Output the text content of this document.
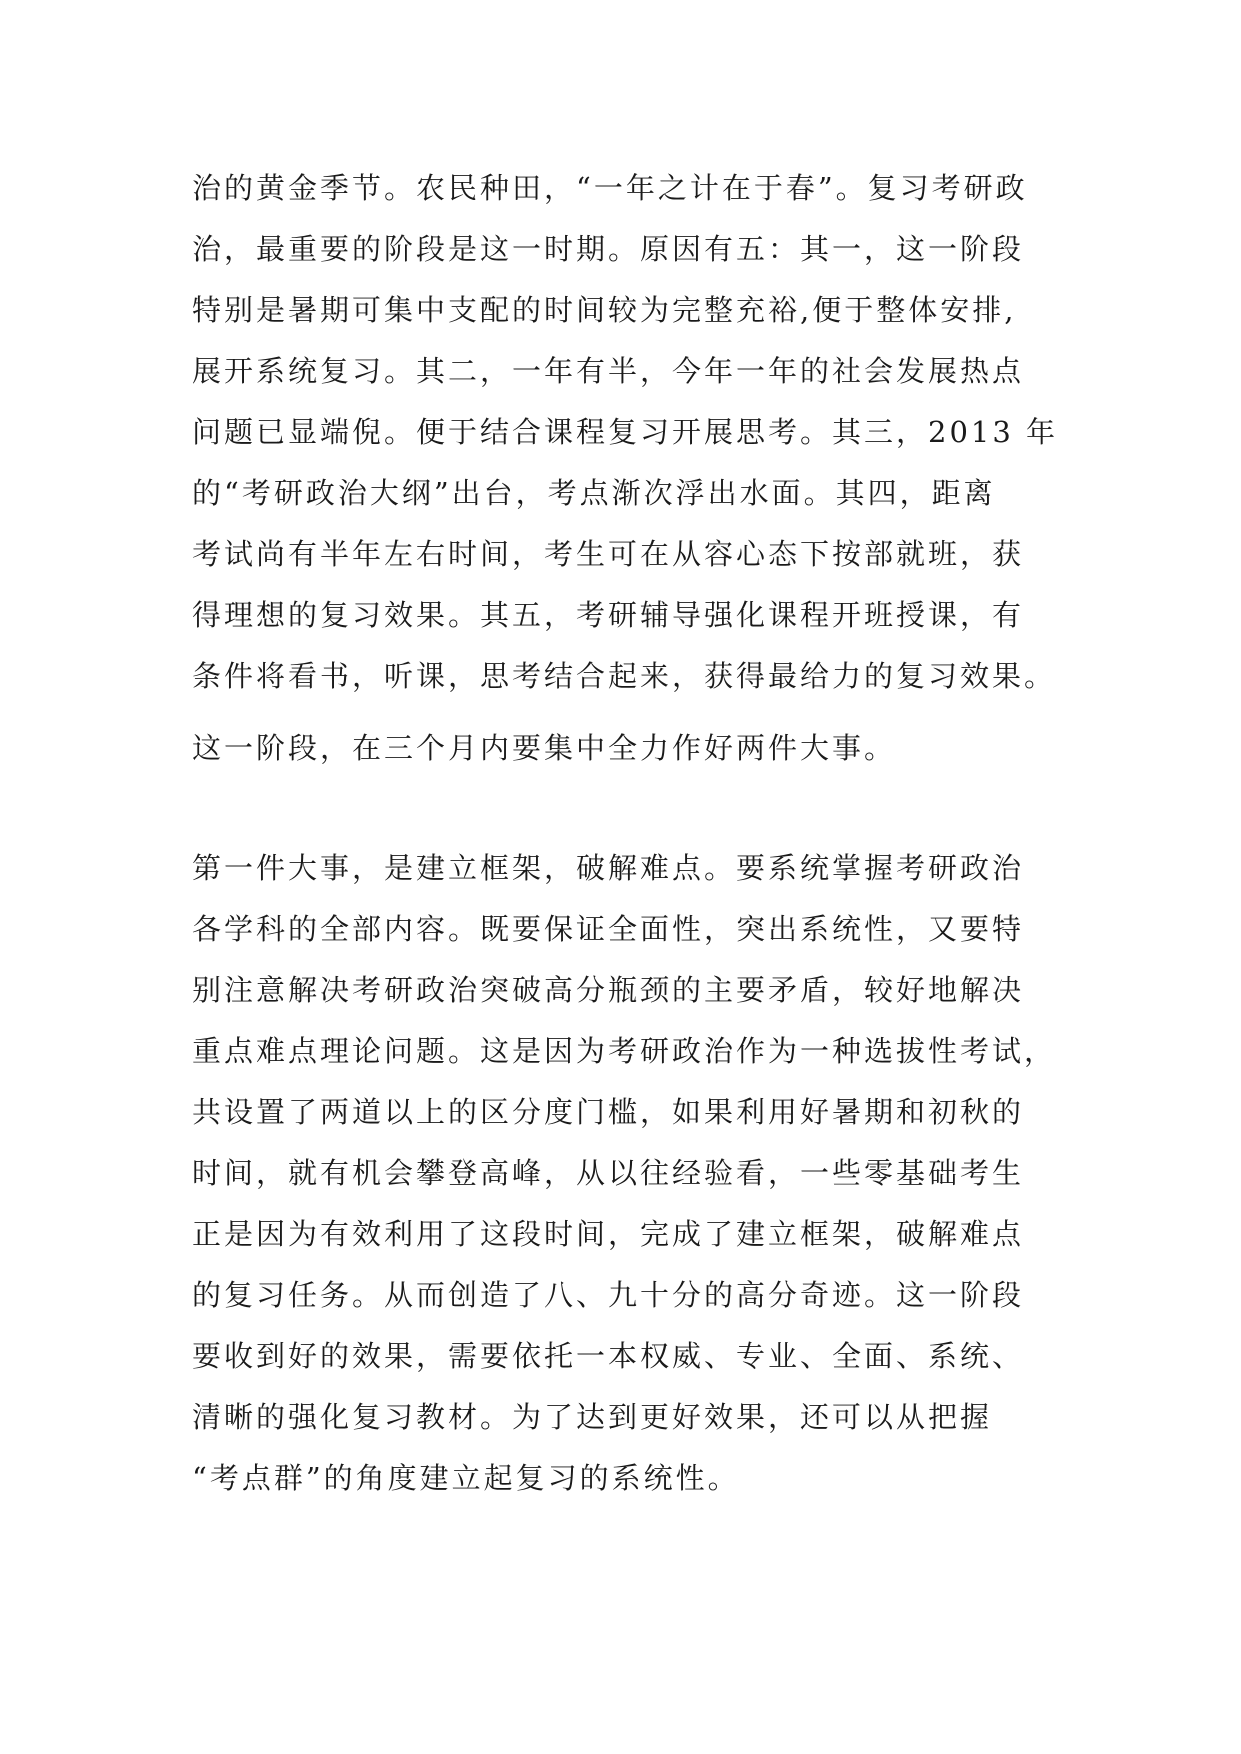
治的黄金季节。农民种田，“一年之计在于春”。复习考研政
治，最重要的阶段是这一时期。原因有五：其一，这一阶段
特别是暑期可集中支配的时间较为完整充裕,便于整体安排,
展开系统复习。其二，一年有半，今年一年的社会发展热点
问题已显端倪。便于结合课程复习开展思考。其三，2013 年
的“考研政治大纲”出台，考点渐次浮出水面。其四，距离
考试尚有半年左右时间，考生可在从容心态下按部就班，获
得理想的复习效果。其五，考研辅导强化课程开班授课，有
条件将看书，听课，思考结合起来，获得最给力的复习效果。
这一阶段，在三个月内要集中全力作好两件大事。
第一件大事，是建立框架，破解难点。要系统掌握考研政治
各学科的全部内容。既要保证全面性，突出系统性，又要特
别注意解决考研政治突破高分瓶颈的主要矛盾，较好地解决
重点难点理论问题。这是因为考研政治作为一种选拔性考试，
共设置了两道以上的区分度门槛，如果利用好暑期和初秋的
时间，就有机会攀登高峰，从以往经验看，一些零基础考生
正是因为有效利用了这段时间，完成了建立框架，破解难点
的复习任务。从而创造了八、九十分的高分奇迹。这一阶段
要收到好的效果，需要依托一本权威、专业、全面、系统、
清晰的强化复习教材。为了达到更好效果，还可以从把握
“考点群”的角度建立起复习的系统性。
